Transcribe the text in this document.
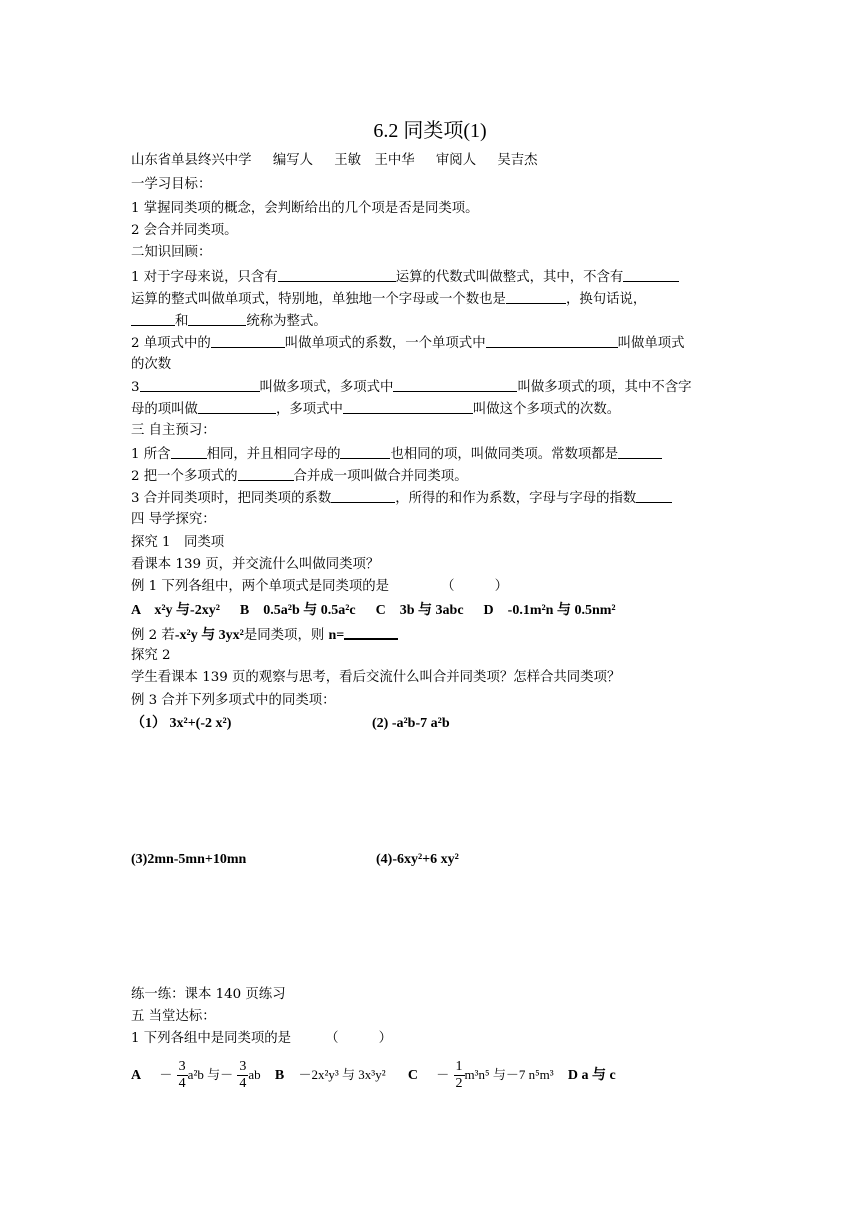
6.2 同类项(1)
山东省单县终兴中学 编写人 王敏　王中华 审阅人 吴吉杰
一学习目标：
1 掌握同类项的概念，会判断给出的几个项是否是同类项。
2 会合并同类项。
二知识回顾：
1 对于字母来说，只含有	运算的代数式叫做整式，其中，不含有
运算的整式叫做单项式，特别地，单独地一个字母或一个数也是	，换句话说，
和	统称为整式。
2 单项式中的	叫做单项式的系数，一个单项式中	叫做单项式
的次数
3	叫做多项式，多项式中	叫做多项式的项，其中不含字
母的项叫做	，多项式中	叫做这个多项式的次数。
三 自主预习：
1 所含	相同，并且相同字母的	也相同的项，叫做同类项。常数项都是
2 把一个多项式的	合并成一项叫做合并同类项。
3 合并同类项时，把同类项的系数	，所得的和作为系数，字母与字母的指数
四 导学探究：
探究 1　同类项
看课本 139 页，并交流什么叫做同类项？
例 1 下列各组中，两个单项式是同类项的是	（　　　）
A　x²y 与-2xy² B　0.5a²b 与 0.5a²c C　3b 与 3abc D　-0.1m²n 与 0.5nm²
例 2 若-x²y 与 3yx²是同类项，则 n=
探究 2
学生看课本 139 页的观察与思考，看后交流什么叫合并同类项？怎样合共同类项？
例 3 合并下列多项式中的同类项：
（1） 3x²+(-2 x²)	(2) -a²b-7 a²b
(3)2mn-5mn+10mn	(4)-6xy²+6 xy²
练一练：课本 140 页练习
五 当堂达标：
1 下列各组中是同类项的是	（　　　）
$A - \frac{3}{4} a^2b$ 与－ $\frac{3}{4}$ ab B －2x²y³ 与 3x³y² $C - \frac{1}{2} m^3n^5$ 与－7 n⁵m³ D a 与 c
